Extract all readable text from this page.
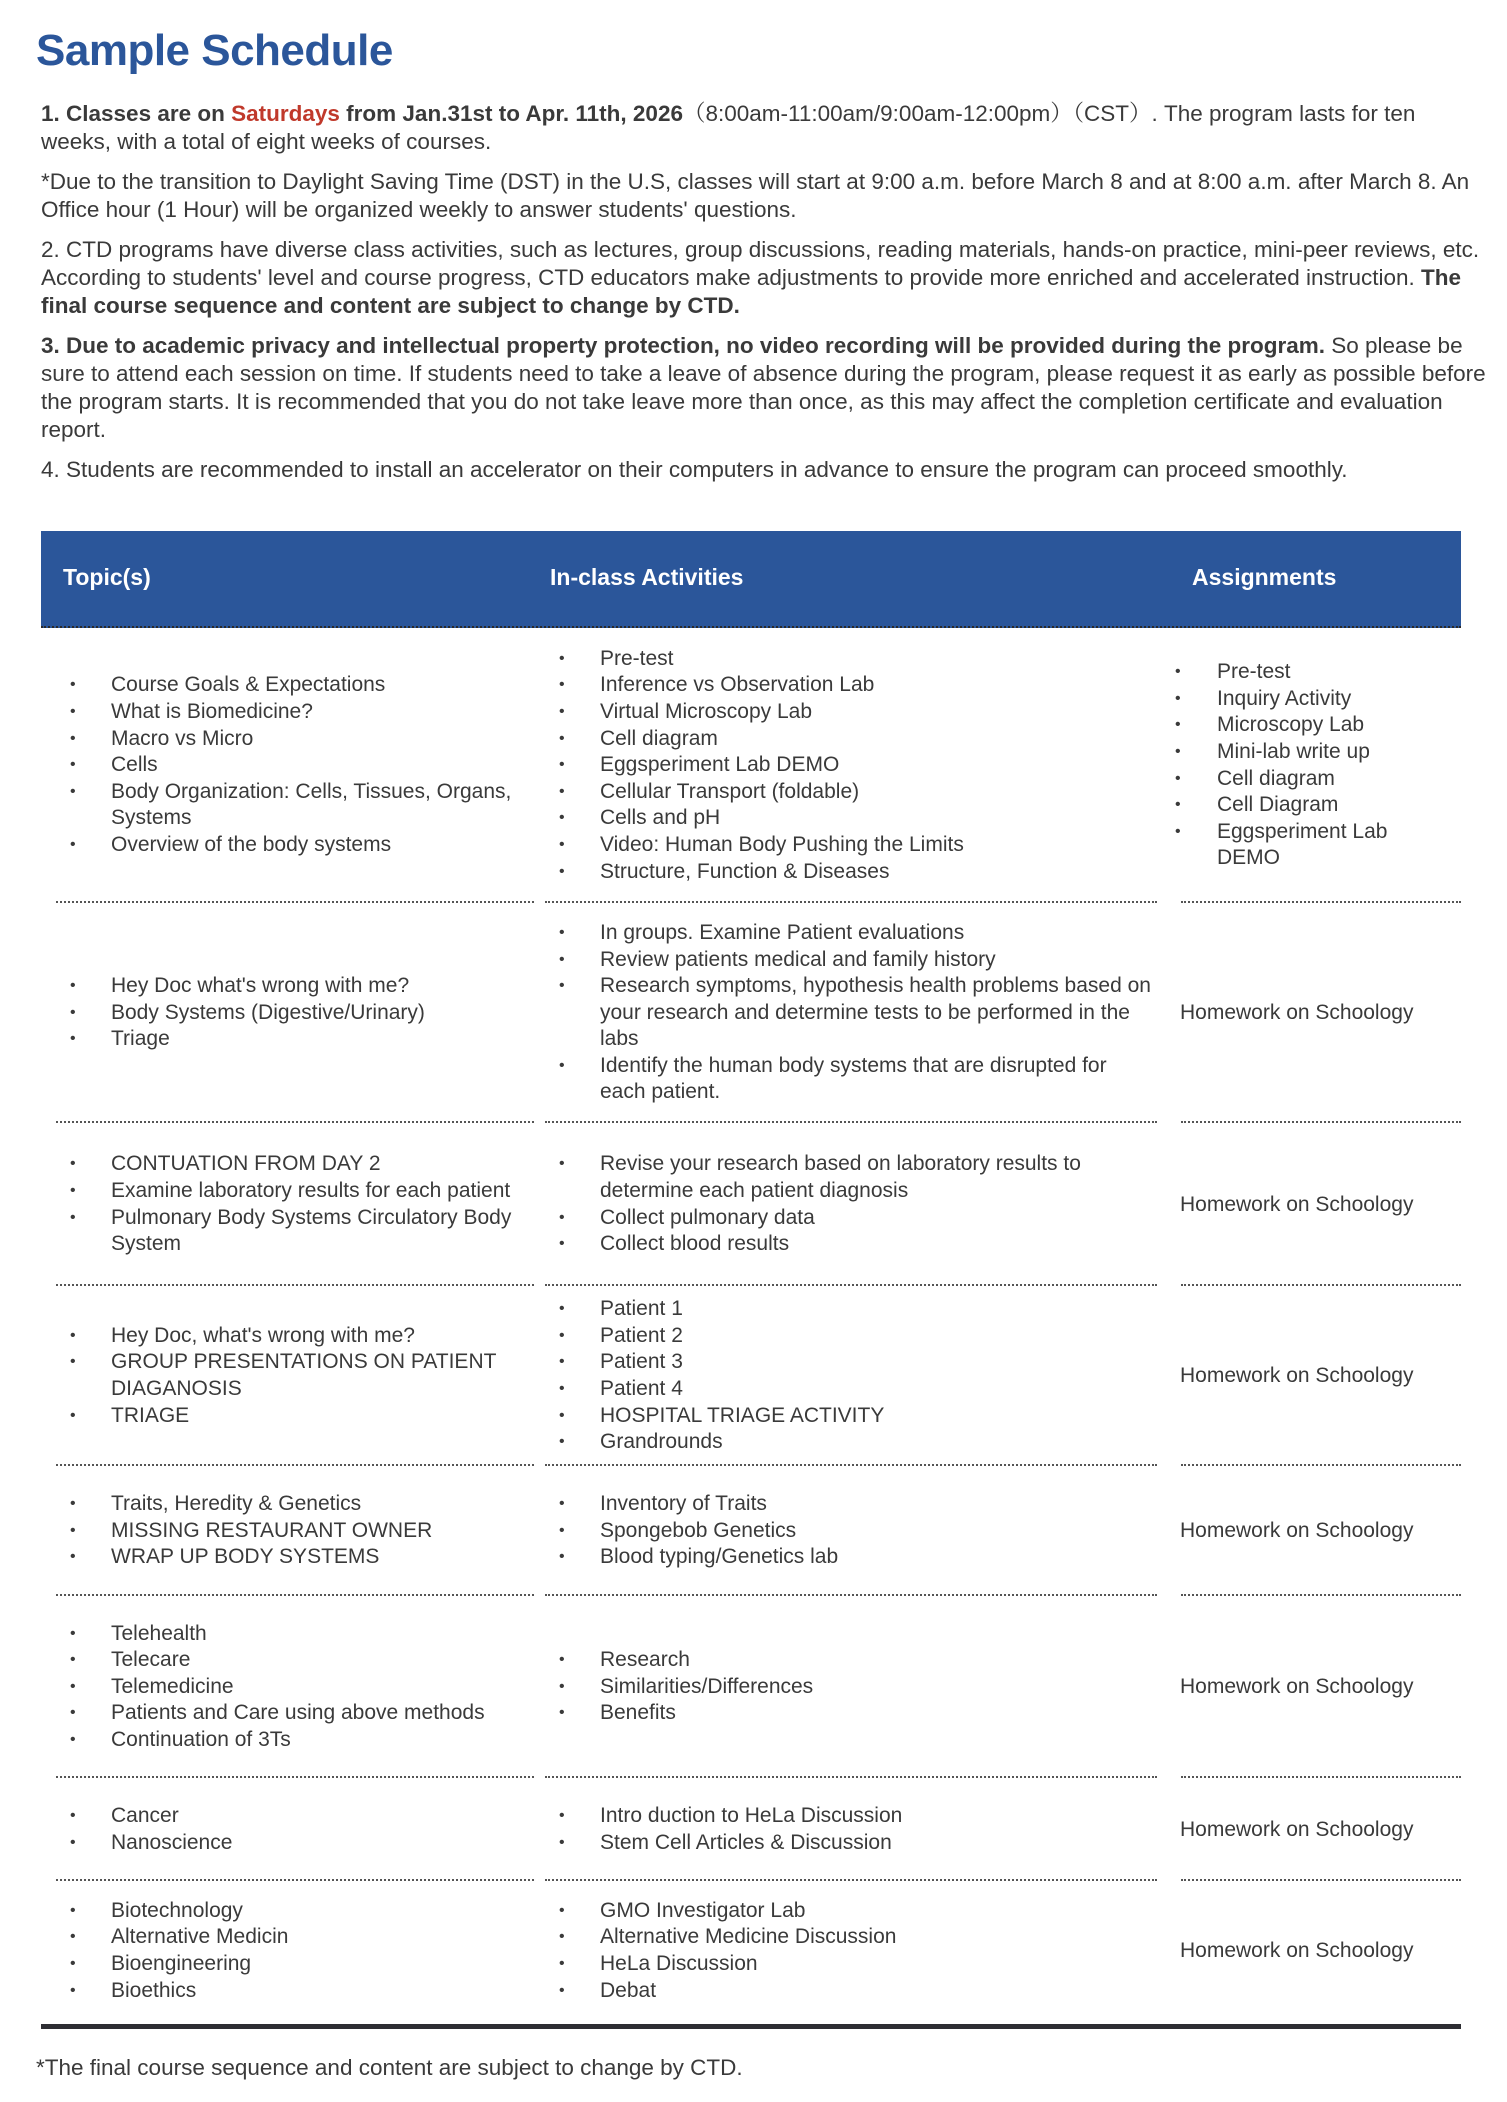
Sample Schedule

1. Classes are on Saturdays from Jan.31st to Apr. 11th, 2026（8:00am-11:00am/9:00am-12:00pm）（CST）. The program lasts for ten weeks, with a total of eight weeks of courses.

*Due to the transition to Daylight Saving Time (DST) in the U.S, classes will start at 9:00 a.m. before March 8 and at 8:00 a.m. after March 8. An Office hour (1 Hour) will be organized weekly to answer students' questions.

2. CTD programs have diverse class activities, such as lectures, group discussions, reading materials, hands-on practice, mini-peer reviews, etc. According to students' level and course progress, CTD educators make adjustments to provide more enriched and accelerated instruction. The final course sequence and content are subject to change by CTD.

3. Due to academic privacy and intellectual property protection, no video recording will be provided during the program. So please be sure to attend each session on time. If students need to take a leave of absence during the program, please request it as early as possible before the program starts. It is recommended that you do not take leave more than once, as this may affect the completion certificate and evaluation report.

4. Students are recommended to install an accelerator on their computers in advance to ensure the program can proceed smoothly.

Topic(s)	In-class Activities	Assignments
• Course Goals & Expectations
• What is Biomedicine?
• Macro vs Micro
• Cells
• Body Organization: Cells, Tissues, Organs, Systems
• Overview of the body systems
• Pre-test
• Inference vs Observation Lab
• Virtual Microscopy Lab
• Cell diagram
• Eggsperiment Lab DEMO
• Cellular Transport (foldable)
• Cells and pH
• Video: Human Body Pushing the Limits
• Structure, Function & Diseases
• Pre-test
• Inquiry Activity
• Microscopy Lab
• Mini-lab write up
• Cell diagram
• Cell Diagram
• Eggsperiment Lab DEMO
• Hey Doc what's wrong with me?
• Body Systems (Digestive/Urinary)
• Triage
• In groups. Examine Patient evaluations
• Review patients medical and family history
• Research symptoms, hypothesis health problems based on your research and determine tests to be performed in the labs
• Identify the human body systems that are disrupted for each patient.
Homework on Schoology
• CONTUATION FROM DAY 2
• Examine laboratory results for each patient
• Pulmonary Body Systems Circulatory Body System
• Revise your research based on laboratory results to determine each patient diagnosis
• Collect pulmonary data
• Collect blood results
Homework on Schoology
• Hey Doc, what's wrong with me?
• GROUP PRESENTATIONS ON PATIENT DIAGANOSIS
• TRIAGE
• Patient 1
• Patient 2
• Patient 3
• Patient 4
• HOSPITAL TRIAGE ACTIVITY
• Grandrounds
Homework on Schoology
• Traits, Heredity & Genetics
• MISSING RESTAURANT OWNER
• WRAP UP BODY SYSTEMS
• Inventory of Traits
• Spongebob Genetics
• Blood typing/Genetics lab
Homework on Schoology
• Telehealth
• Telecare
• Telemedicine
• Patients and Care using above methods
• Continuation of 3Ts
• Research
• Similarities/Differences
• Benefits
Homework on Schoology
• Cancer
• Nanoscience
• Intro duction to HeLa Discussion
• Stem Cell Articles & Discussion
Homework on Schoology
• Biotechnology
• Alternative Medicin
• Bioengineering
• Bioethics
• GMO Investigator Lab
• Alternative Medicine Discussion
• HeLa Discussion
• Debat
Homework on Schoology
*The final course sequence and content are subject to change by CTD.
